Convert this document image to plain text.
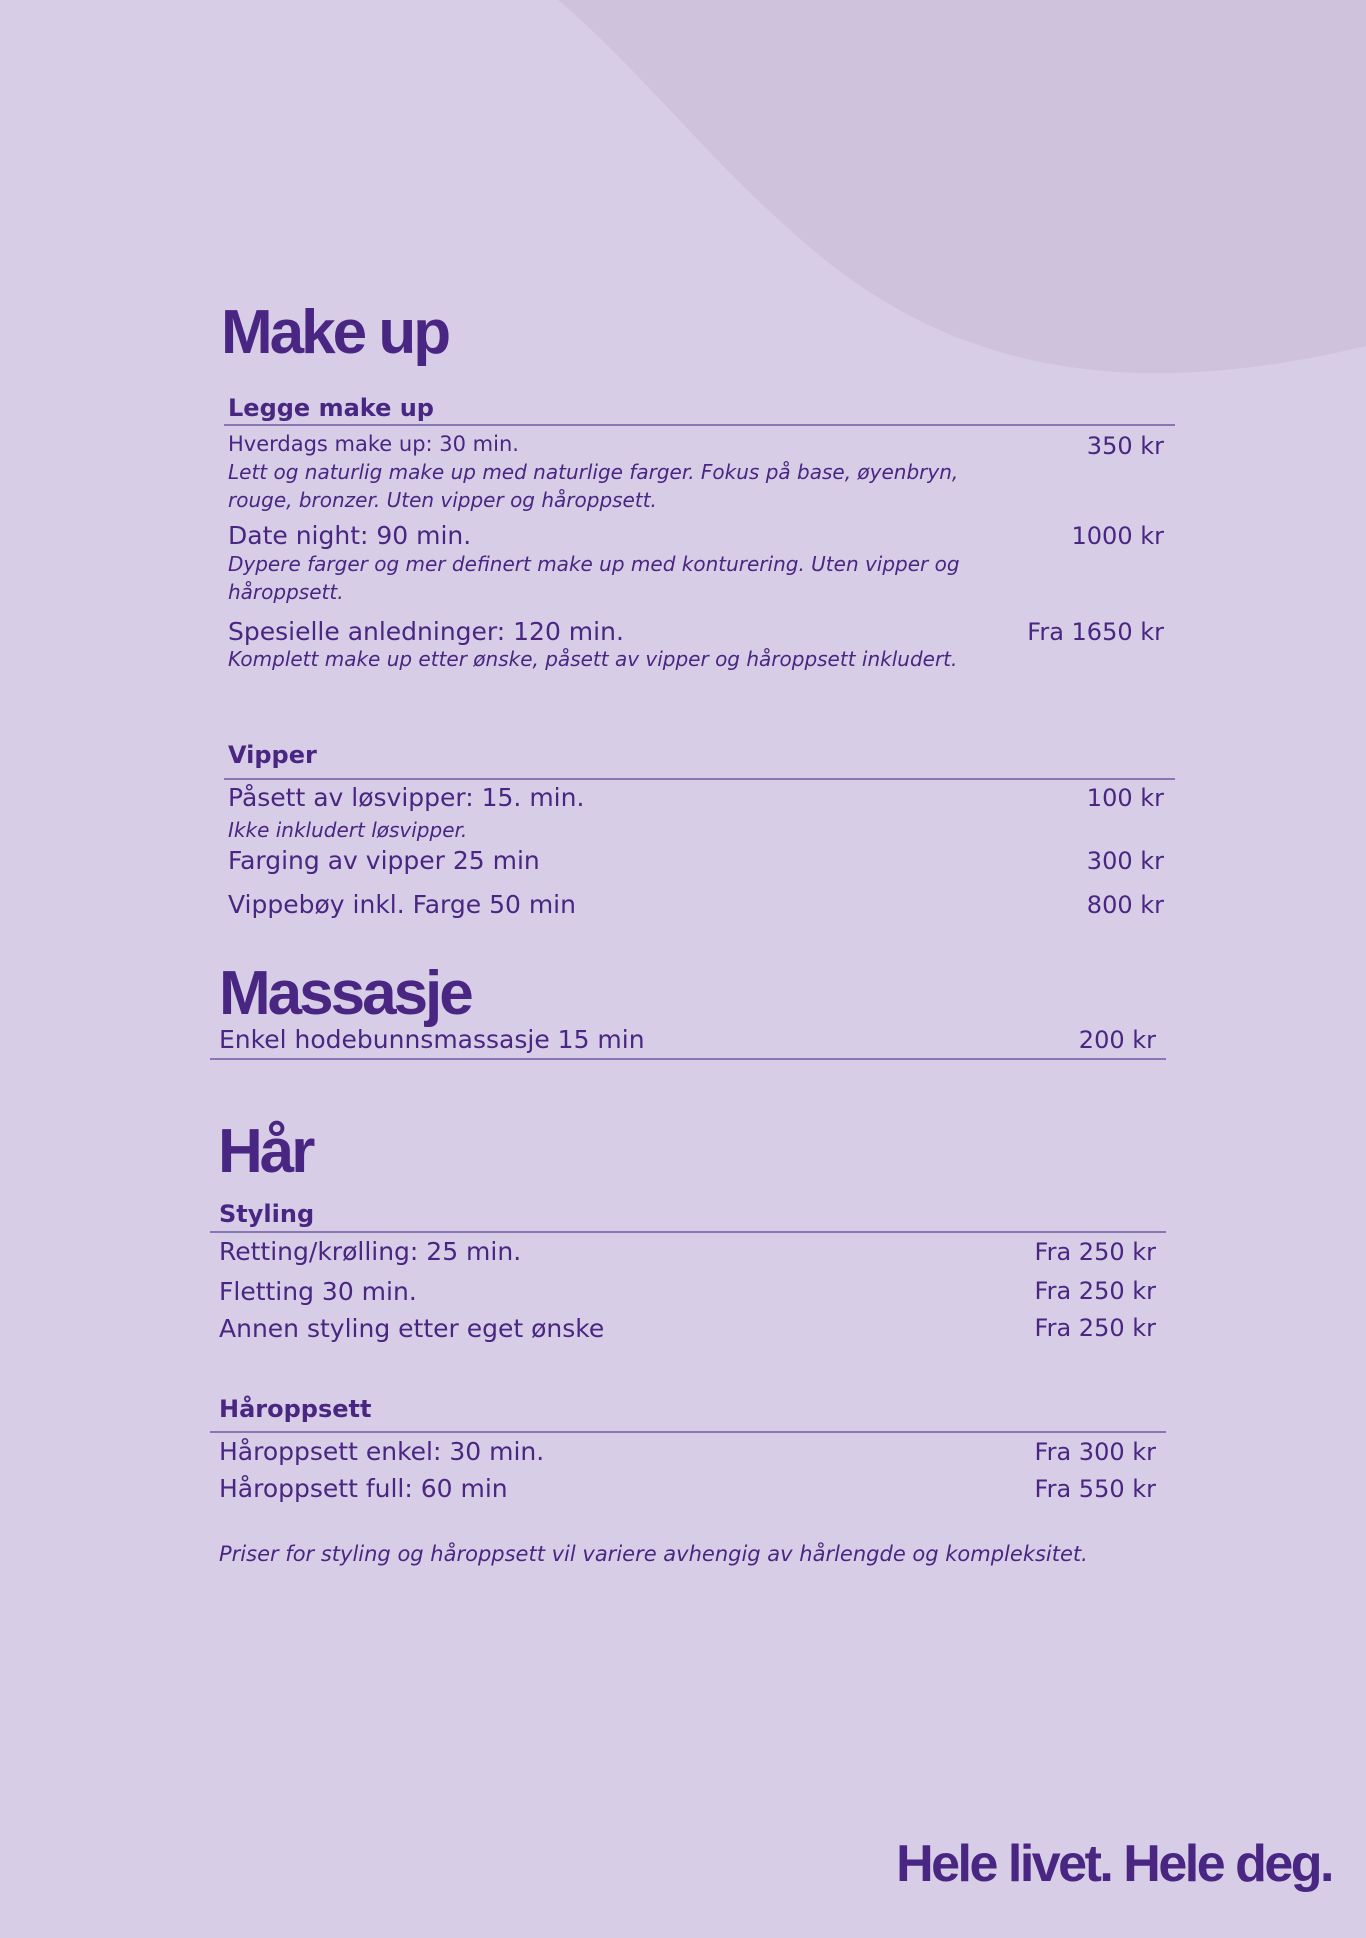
Make up
Legge make up
Hverdags make up: 30 min.	350 kr
Lett og naturlig make up med naturlige farger. Fokus på base, øyenbryn, rouge, bronzer. Uten vipper og håroppsett.
Date night: 90 min.	1000 kr
Dypere farger og mer definert make up med konturering. Uten vipper og håroppsett.
Spesielle anledninger: 120 min.	Fra 1650 kr
Komplett make up etter ønske, påsett av vipper og håroppsett inkludert.
Vipper
Påsett av løsvipper: 15. min.	100 kr
Ikke inkludert løsvipper.
Farging av vipper 25 min	300 kr
Vippebøy inkl. Farge 50 min	800 kr
Massasje
Enkel hodebunnsmassasje 15 min	200 kr
Hår
Styling
Retting/krølling: 25 min.	Fra 250 kr
Fletting 30 min.	Fra 250 kr
Annen styling etter eget ønske	Fra 250 kr
Håroppsett
Håroppsett enkel: 30 min.	Fra 300 kr
Håroppsett full: 60 min	Fra 550 kr
Priser for styling og håroppsett vil variere avhengig av hårlengde og kompleksitet.
Hele livet. Hele deg.
